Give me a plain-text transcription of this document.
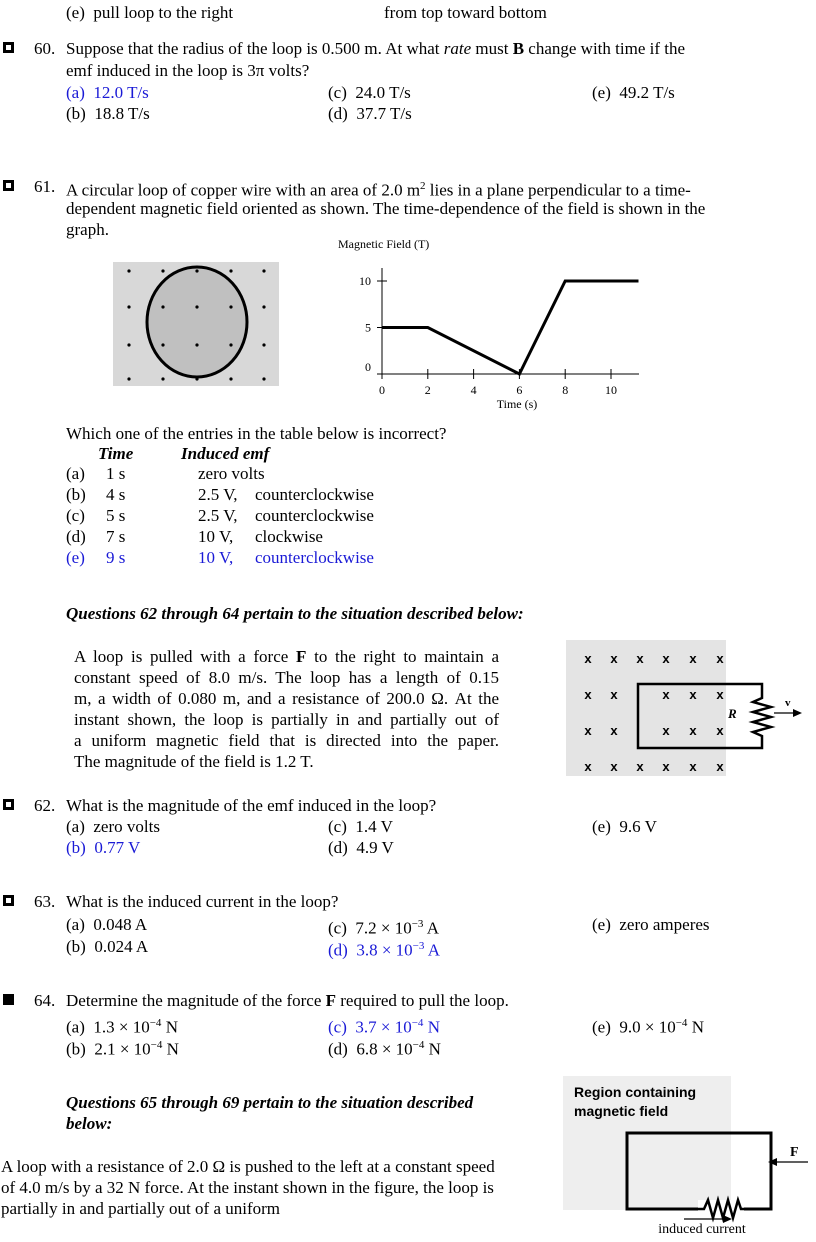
(e) pull loop to the right	from top toward bottom
60. Suppose that the radius of the loop is 0.500 m. At what rate must B change with time if the
emf induced in the loop is 3π volts?
(a) 12.0 T/s
(b) 18.8 T/s
(c) 24.0 T/s
(d) 37.7 T/s
(e) 49.2 T/s
61. A circular loop of copper wire with an area of 2.0 $m^2$ lies in a plane perpendicular to a time-
dependent magnetic field oriented as shown. The time-dependence of the field is shown in the
graph.
Magnetic Field (T)
Time (s)
0	2	4	6	8	10
0
5
10
Which one of the entries in the table below is incorrect?
Time	Induced emf
(a) 1 s	zero volts
(b) 4 s	2.5 V, counterclockwise
(c) 5 s	2.5 V, counterclockwise
(d) 7 s	10 V, clockwise
(e) 9 s	10 V, counterclockwise
Questions 62 through 64 pertain to the situation described below:
A loop is pulled with a force F to the right to maintain a
constant speed of 8.0 m/s. The loop has a length of 0.15
m, a width of 0.080 m, and a resistance of 200.0 Ω. At the
instant shown, the loop is partially in and partially out of
a uniform magnetic field that is directed into the paper.
The magnitude of the field is 1.2 T.
x x x x x x
x x	x x x
x x	x x x
x x x x x x
R
v
62. What is the magnitude of the emf induced in the loop?
(a) zero volts
(b) 0.77 V
(c) 1.4 V
(d) 4.9 V
(e) 9.6 V
63. What is the induced current in the loop?
(a) 0.048 A
(b) 0.024 A
(c) $7.2 \times 10^{-3}$ A
(d) $3.8 \times 10^{-3}$ A
(e) zero amperes
64. Determine the magnitude of the force F required to pull the loop.
(a) $1.3 \times 10^{-4}$ N
(b) $2.1 \times 10^{-4}$ N
(c) $3.7 \times 10^{-4}$ N
(d) $6.8 \times 10^{-4}$ N
(e) $9.0 \times 10^{-4}$ N
Questions 65 through 69 pertain to the situation described
below:
A loop with a resistance of 2.0 Ω is pushed to the left at a constant speed
of 4.0 m/s by a 32 N force. At the instant shown in the figure, the loop is
partially in and partially out of a uniform
Region containing
magnetic field
F
induced current
